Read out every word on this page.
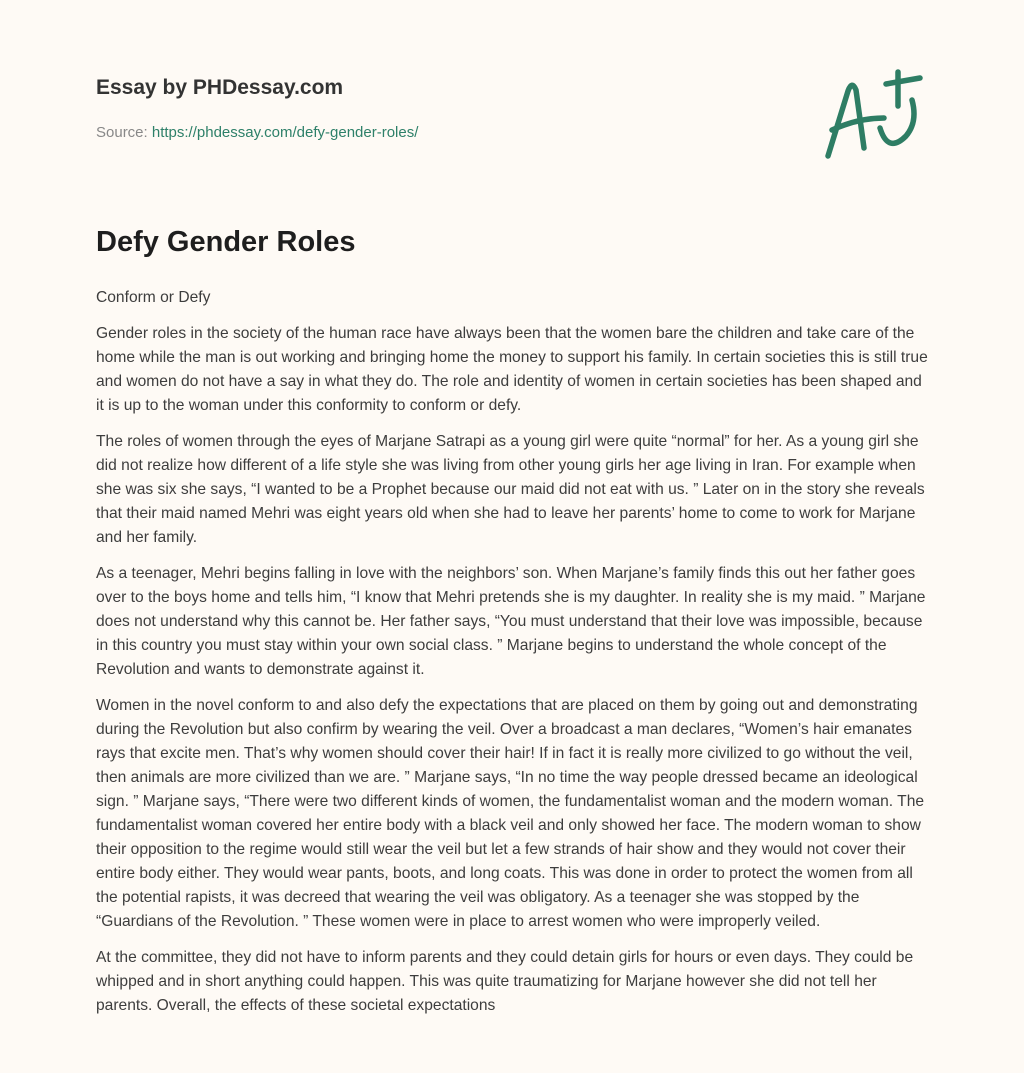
Essay by PHDessay.com

Source: https://phdessay.com/defy-gender-roles/
Defy Gender Roles

Conform or Defy

Gender roles in the society of the human race have always been that the women bare the children and take care of the home while the man is out working and bringing home the money to support his family. In certain societies this is still true and women do not have a say in what they do. The role and identity of women in certain societies has been shaped and it is up to the woman under this conformity to conform or defy.

The roles of women through the eyes of Marjane Satrapi as a young girl were quite “normal” for her. As a young girl she did not realize how different of a life style she was living from other young girls her age living in Iran. For example when she was six she says, “I wanted to be a Prophet because our maid did not eat with us. ” Later on in the story she reveals that their maid named Mehri was eight years old when she had to leave her parents’ home to come to work for Marjane and her family.

As a teenager, Mehri begins falling in love with the neighbors’ son. When Marjane’s family finds this out her father goes over to the boys home and tells him, “I know that Mehri pretends she is my daughter. In reality she is my maid. ” Marjane does not understand why this cannot be. Her father says, “You must understand that their love was impossible, because in this country you must stay within your own social class. ” Marjane begins to understand the whole concept of the Revolution and wants to demonstrate against it.

Women in the novel conform to and also defy the expectations that are placed on them by going out and demonstrating during the Revolution but also confirm by wearing the veil. Over a broadcast a man declares, “Women’s hair emanates rays that excite men. That’s why women should cover their hair! If in fact it is really more civilized to go without the veil, then animals are more civilized than we are. ” Marjane says, “In no time the way people dressed became an ideological sign. ” Marjane says, “There were two different kinds of women, the fundamentalist woman and the modern woman. The fundamentalist woman covered her entire body with a black veil and only showed her face. The modern woman to show their opposition to the regime would still wear the veil but let a few strands of hair show and they would not cover their entire body either. They would wear pants, boots, and long coats. This was done in order to protect the women from all the potential rapists, it was decreed that wearing the veil was obligatory. As a teenager she was stopped by the “Guardians of the Revolution. ” These women were in place to arrest women who were improperly veiled.

At the committee, they did not have to inform parents and they could detain girls for hours or even days. They could be whipped and in short anything could happen. This was quite traumatizing for Marjane however she did not tell her parents. Overall, the effects of these societal expectations
